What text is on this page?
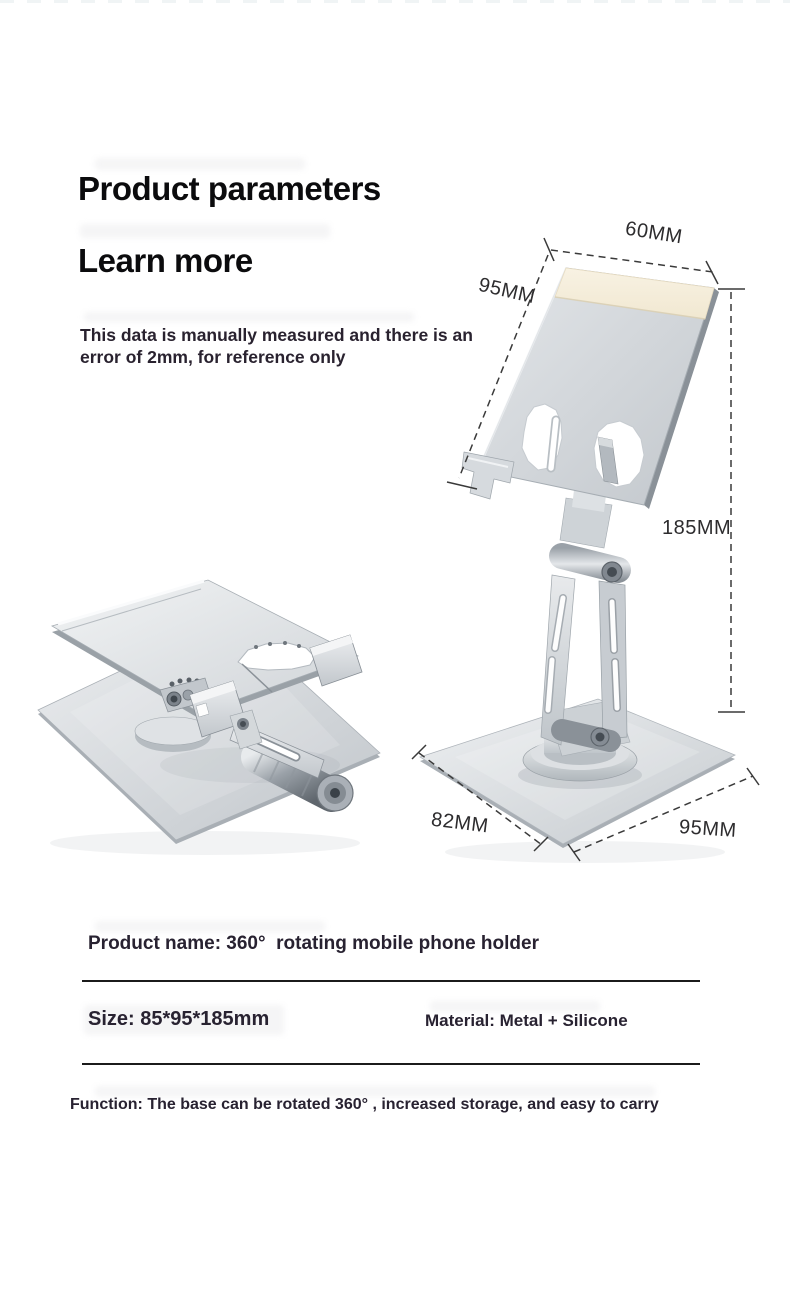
Product parameters
Learn more

This data is manually measured and there is an
error of 2mm, for reference only

60MM
95MM
185MM
82MM	95MM
Product name: 360°  rotating mobile phone holder
Size: 85*95*185mm	Material: Metal + Silicone
Function: The base can be rotated 360° , increased storage, and easy to carry
